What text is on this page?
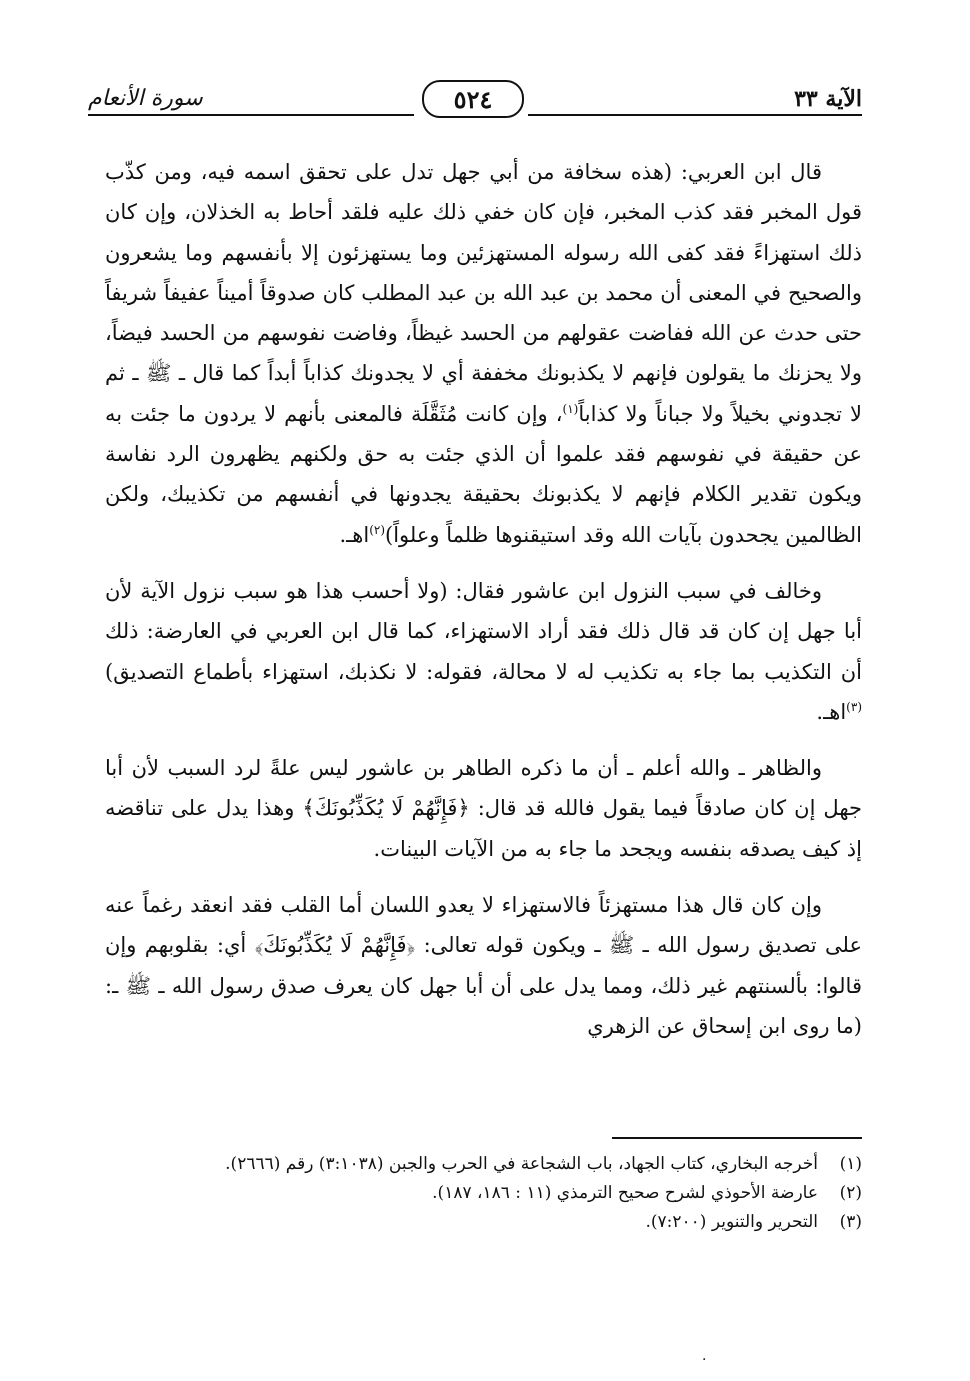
سورة الأنعام	٥٢٤	الآية ٣٣

قال ابن العربي: (هذه سخافة من أبي جهل تدل على تحقق اسمه فيه، ومن كذّب قول المخبر فقد كذب المخبر، فإن كان خفي ذلك عليه فلقد أحاط به الخذلان، وإن كان ذلك استهزاءً فقد كفى الله رسوله المستهزئين وما يستهزئون إلا بأنفسهم وما يشعرون والصحيح في المعنى أن محمد بن عبد الله بن عبد المطلب كان صدوقاً أميناً عفيفاً شريفاً حتى حدث عن الله ففاضت عقولهم من الحسد غيظاً، وفاضت نفوسهم من الحسد فيضاً، ولا يحزنك ما يقولون فإنهم لا يكذبونك مخففة أي لا يجدونك كذاباً أبداً كما قال ـ ﷺ ـ ثم لا تجدوني بخيلاً ولا جباناً ولا كذاباً$^{(١)}$، وإن كانت مُثَقَّلَة فالمعنى بأنهم لا يردون ما جئت به عن حقيقة في نفوسهم فقد علموا أن الذي جئت به حق ولكنهم يظهرون الرد نفاسة ويكون تقدير الكلام فإنهم لا يكذبونك بحقيقة يجدونها في أنفسهم من تكذيبك، ولكن الظالمين يجحدون بآيات الله وقد استيقنوها ظلماً وعلواً)$^{(٢)}$اهـ.

وخالف في سبب النزول ابن عاشور فقال: (ولا أحسب هذا هو سبب نزول الآية لأن أبا جهل إن كان قد قال ذلك فقد أراد الاستهزاء، كما قال ابن العربي في العارضة: ذلك أن التكذيب بما جاء به تكذيب له لا محالة، فقوله: لا نكذبك، استهزاء بأطماع التصديق)$^{(٣)}$اهـ.

والظاهر ـ والله أعلم ـ أن ما ذكره الطاهر بن عاشور ليس علةً لرد السبب لأن أبا جهل إن كان صادقاً فيما يقول فالله قد قال: ﴿فَإِنَّهُمْ لَا يُكَذِّبُونَكَ﴾ وهذا يدل على تناقضه إذ كيف يصدقه بنفسه ويجحد ما جاء به من الآيات البينات.

وإن كان قال هذا مستهزئاً فالاستهزاء لا يعدو اللسان أما القلب فقد انعقد رغماً عنه على تصديق رسول الله ـ ﷺ ـ ويكون قوله تعالى: ﴿فَإِنَّهُمْ لَا يُكَذِّبُونَكَ﴾ أي: بقلوبهم وإن قالوا: بألسنتهم غير ذلك، ومما يدل على أن أبا جهل كان يعرف صدق رسول الله ـ ﷺ ـ: (ما روى ابن إسحاق عن الزهري

(١)
أخرجه البخاري، كتاب الجهاد، باب الشجاعة في الحرب والجبن (٣:١٠٣٨) رقم (٢٦٦٦).

(٢)
عارضة الأحوذي لشرح صحيح الترمذي (١١ : ١٨٦، ١٨٧).

(٣)
التحرير والتنوير (٧:٢٠٠).

·
